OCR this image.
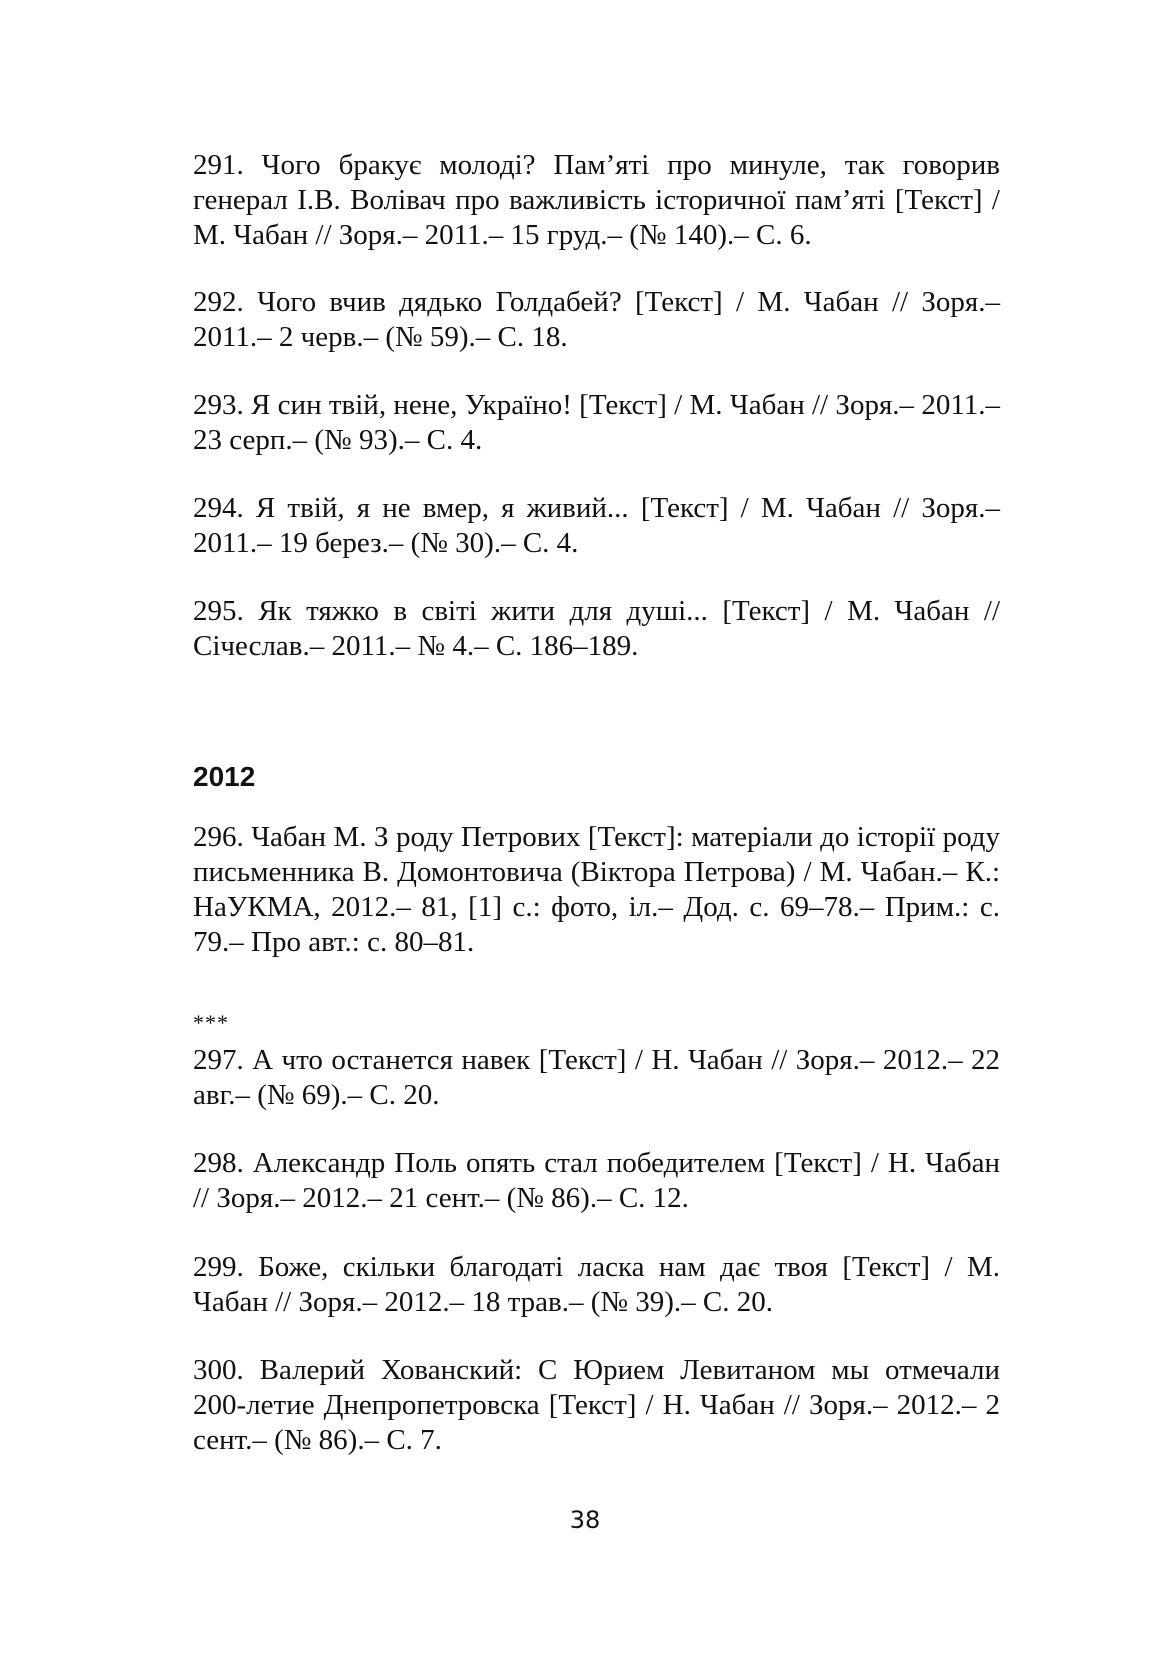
291. Чого бракує молоді? Пам’яті про минуле, так говорив генерал І.В. Волівач про важливість історичної пам’яті [Текст] / М. Чабан // Зоря.– 2011.– 15 груд.– (№ 140).– С. 6.

292. Чого вчив дядько Голдабей? [Текст] / М. Чабан // Зоря.– 2011.– 2 черв.– (№ 59).– С. 18.

293. Я син твій, нене, Україно! [Текст] / М. Чабан // Зоря.– 2011.– 23 серп.– (№ 93).– С. 4.

294. Я твій, я не вмер, я живий... [Текст] / М. Чабан // Зоря.– 2011.– 19 берез.– (№ 30).– С. 4.

295. Як тяжко в світі жити для душі... [Текст] / М. Чабан // Січеслав.– 2011.– № 4.– С. 186–189.

2012

296. Чабан М. З роду Петрових [Текст]: матеріали до історії роду письменника В. Домонтовича (Віктора Петрова) / М. Чабан.– К.: НаУКМА, 2012.– 81, [1] с.: фото, іл.– Дод. с. 69–78.– Прим.: с. 79.– Про авт.: с. 80–81.

***

297. А что останется навек [Текст] / Н. Чабан // Зоря.– 2012.– 22 авг.– (№ 69).– С. 20.

298. Александр Поль опять стал победителем [Текст] / Н. Чабан // Зоря.– 2012.– 21 сент.– (№ 86).– С. 12.

299. Боже, скільки благодаті ласка нам дає твоя [Текст] / М. Чабан // Зоря.– 2012.– 18 трав.– (№ 39).– С. 20.

300. Валерий Хованский: С Юрием Левитаном мы отмечали 200-летие Днепропетровска [Текст] / Н. Чабан // Зоря.– 2012.– 2 сент.– (№ 86).– С. 7.

38
